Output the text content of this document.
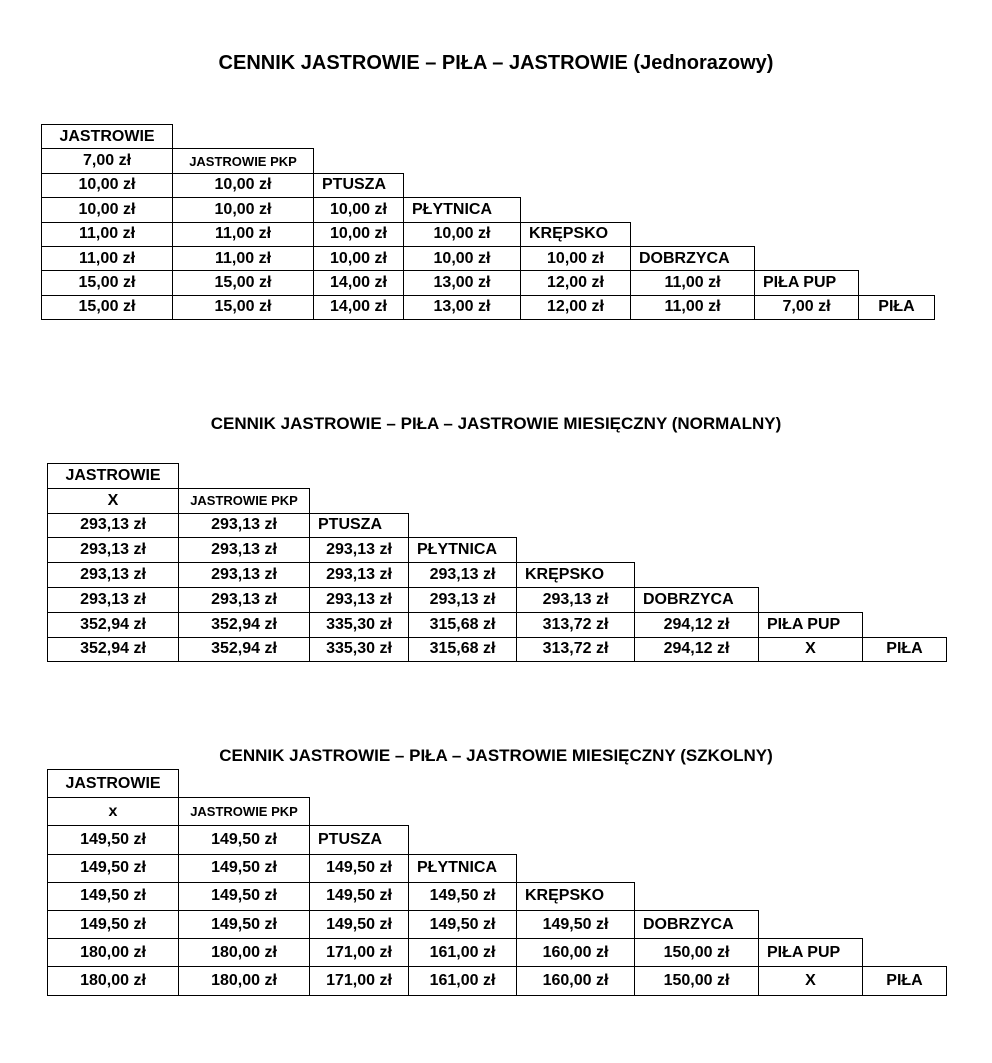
CENNIK JASTROWIE – PIŁA – JASTROWIE (Jednorazowy)
JASTROWIE
7,00 zł	JASTROWIE PKP
10,00 zł	10,00 zł	PTUSZA
10,00 zł	10,00 zł	10,00 zł	PŁYTNICA
11,00 zł	11,00 zł	10,00 zł	10,00 zł	KRĘPSKO
11,00 zł	11,00 zł	10,00 zł	10,00 zł	10,00 zł	DOBRZYCA
15,00 zł	15,00 zł	14,00 zł	13,00 zł	12,00 zł	11,00 zł	PIŁA PUP
15,00 zł	15,00 zł	14,00 zł	13,00 zł	12,00 zł	11,00 zł	7,00 zł	PIŁA
CENNIK JASTROWIE – PIŁA – JASTROWIE MIESIĘCZNY (NORMALNY)
JASTROWIE
X	JASTROWIE PKP
293,13 zł	293,13 zł	PTUSZA
293,13 zł	293,13 zł	293,13 zł	PŁYTNICA
293,13 zł	293,13 zł	293,13 zł	293,13 zł	KRĘPSKO
293,13 zł	293,13 zł	293,13 zł	293,13 zł	293,13 zł	DOBRZYCA
352,94 zł	352,94 zł	335,30 zł	315,68 zł	313,72 zł	294,12 zł	PIŁA PUP
352,94 zł	352,94 zł	335,30 zł	315,68 zł	313,72 zł	294,12 zł	X	PIŁA
CENNIK JASTROWIE – PIŁA – JASTROWIE MIESIĘCZNY (SZKOLNY)
JASTROWIE
x	JASTROWIE PKP
149,50 zł	149,50 zł	PTUSZA
149,50 zł	149,50 zł	149,50 zł	PŁYTNICA
149,50 zł	149,50 zł	149,50 zł	149,50 zł	KRĘPSKO
149,50 zł	149,50 zł	149,50 zł	149,50 zł	149,50 zł	DOBRZYCA
180,00 zł	180,00 zł	171,00 zł	161,00 zł	160,00 zł	150,00 zł	PIŁA PUP
180,00 zł	180,00 zł	171,00 zł	161,00 zł	160,00 zł	150,00 zł	X	PIŁA
